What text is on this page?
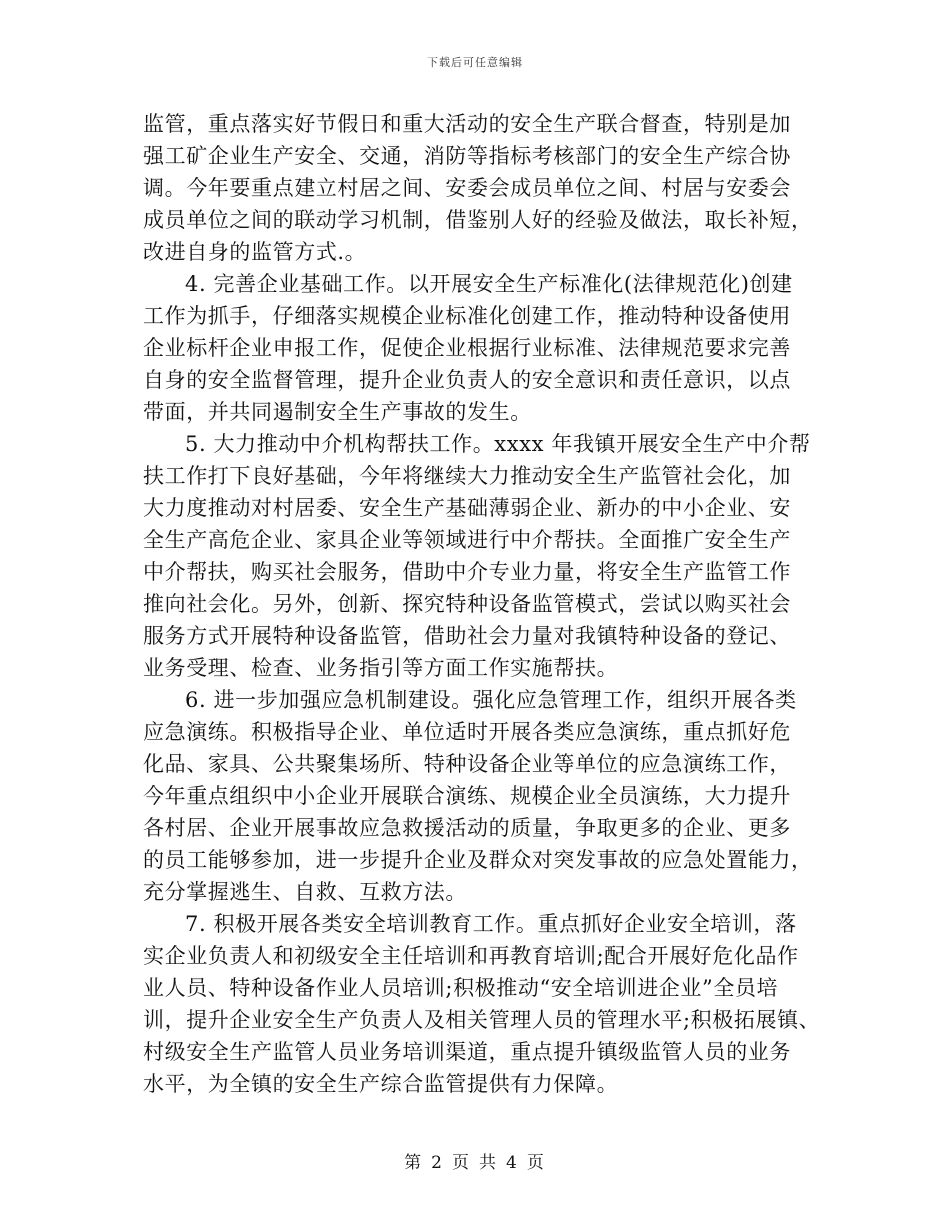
下载后可任意编辑
监管，重点落实好节假日和重大活动的安全生产联合督查，特别是加
强工矿企业生产安全、交通，消防等指标考核部门的安全生产综合协
调。今年要重点建立村居之间、安委会成员单位之间、村居与安委会
成员单位之间的联动学习机制，借鉴别人好的经验及做法，取长补短，
改进自身的监管方式.。
4. 完善企业基础工作。以开展安全生产标准化(法律规范化)创建
工作为抓手，仔细落实规模企业标准化创建工作，推动特种设备使用
企业标杆企业申报工作，促使企业根据行业标准、法律规范要求完善
自身的安全监督管理，提升企业负责人的安全意识和责任意识，以点
带面，并共同遏制安全生产事故的发生。
5. 大力推动中介机构帮扶工作。xxxx 年我镇开展安全生产中介帮
扶工作打下良好基础，今年将继续大力推动安全生产监管社会化，加
大力度推动对村居委、安全生产基础薄弱企业、新办的中小企业、安
全生产高危企业、家具企业等领域进行中介帮扶。全面推广安全生产
中介帮扶，购买社会服务，借助中介专业力量，将安全生产监管工作
推向社会化。另外，创新、探究特种设备监管模式，尝试以购买社会
服务方式开展特种设备监管，借助社会力量对我镇特种设备的登记、
业务受理、检查、业务指引等方面工作实施帮扶。
6. 进一步加强应急机制建设。强化应急管理工作，组织开展各类
应急演练。积极指导企业、单位适时开展各类应急演练，重点抓好危
化品、家具、公共聚集场所、特种设备企业等单位的应急演练工作，
今年重点组织中小企业开展联合演练、规模企业全员演练，大力提升
各村居、企业开展事故应急救援活动的质量，争取更多的企业、更多
的员工能够参加，进一步提升企业及群众对突发事故的应急处置能力，
充分掌握逃生、自救、互救方法。
7. 积极开展各类安全培训教育工作。重点抓好企业安全培训，落
实企业负责人和初级安全主任培训和再教育培训;配合开展好危化品作
业人员、特种设备作业人员培训;积极推动“安全培训进企业”全员培
训，提升企业安全生产负责人及相关管理人员的管理水平;积极拓展镇、
村级安全生产监管人员业务培训渠道，重点提升镇级监管人员的业务
水平，为全镇的安全生产综合监管提供有力保障。
第 2 页 共 4 页
